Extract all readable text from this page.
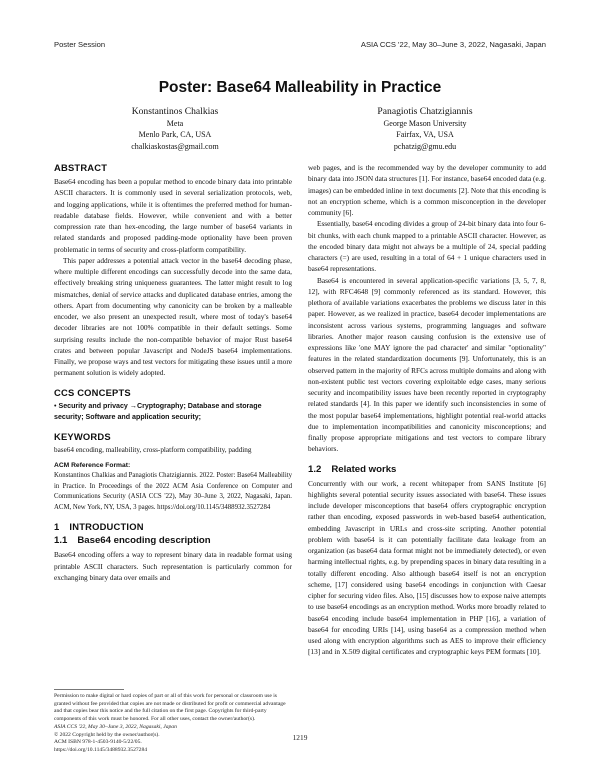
Poster Session	ASIA CCS '22, May 30–June 3, 2022, Nagasaki, Japan
Poster: Base64 Malleability in Practice
Konstantinos Chalkias
Meta
Menlo Park, CA, USA
chalkiaskostas@gmail.com
Panagiotis Chatzigiannis
George Mason University
Fairfax, VA, USA
pchatzig@gmu.edu
ABSTRACT

Base64 encoding has been a popular method to encode binary data into printable ASCII characters. It is commonly used in several serialization protocols, web, and logging applications, while it is oftentimes the preferred method for human-readable database fields. However, while convenient and with a better compression rate than hex-encoding, the large number of base64 variants in related standards and proposed padding-mode optionality have been proven problematic in terms of security and cross-platform compatibility.

This paper addresses a potential attack vector in the base64 decoding phase, where multiple different encodings can successfully decode into the same data, effectively breaking string uniqueness guarantees. The latter might result to log mismatches, denial of service attacks and duplicated database entries, among the others. Apart from documenting why canonicity can be broken by a malleable encoder, we also present an unexpected result, where most of today's base64 decoder libraries are not 100% compatible in their default settings. Some surprising results include the non-compatible behavior of major Rust base64 crates and between popular Javascript and NodeJS base64 implementations. Finally, we propose ways and test vectors for mitigating these issues until a more permanent solution is widely adopted.

CCS CONCEPTS

• Security and privacy →Cryptography; Database and storage security; Software and application security;

KEYWORDS

base64 encoding, malleability, cross-platform compatibility, padding

ACM Reference Format:

Konstantinos Chalkias and Panagiotis Chatzigiannis. 2022. Poster: Base64 Malleability in Practice. In Proceedings of the 2022 ACM Asia Conference on Computer and Communications Security (ASIA CCS '22), May 30–June 3, 2022, Nagasaki, Japan. ACM, New York, NY, USA, 3 pages. https://doi.org/10.1145/3488932.3527284

1 INTRODUCTION
1.1 Base64 encoding description

Base64 encoding offers a way to represent binary data in readable format using printable ASCII characters. Such representation is particularly common for exchanging binary data over emails and

Permission to make digital or hard copies of part or all of this work for personal or classroom use is granted without fee provided that copies are not made or distributed for profit or commercial advantage and that copies bear this notice and the full citation on the first page. Copyrights for third-party components of this work must be honored. For all other uses, contact the owner/author(s).

ASIA CCS '22, May 30–June 3, 2022, Nagasaki, Japan

© 2022 Copyright held by the owner/author(s).

ACM ISBN 978-1-4503-9140-5/22/05.

https://doi.org/10.1145/3488932.3527284

web pages, and is the recommended way by the developer community to add binary data into JSON data structures [1]. For instance, base64 encoded data (e.g. images) can be embedded inline in text documents [2]. Note that this encoding is not an encryption scheme, which is a common misconception in the developer community [6].

Essentially, base64 encoding divides a group of 24-bit binary data into four 6-bit chunks, with each chunk mapped to a printable ASCII character. However, as the encoded binary data might not always be a multiple of 24, special padding characters (=) are used, resulting in a total of 64 + 1 unique characters used in base64 representations.

Base64 is encountered in several application-specific variations [3, 5, 7, 8, 12], with RFC4648 [9] commonly referenced as its standard. However, this plethora of available variations exacerbates the problems we discuss later in this paper. However, as we realized in practice, base64 decoder implementations are inconsistent across various systems, programming languages and software libraries. Another major reason causing confusion is the extensive use of expressions like 'one MAY ignore the pad character' and similar "optionality" features in the related standardization documents [9]. Unfortunately, this is an observed pattern in the majority of RFCs across multiple domains and along with non-existent public test vectors covering exploitable edge cases, many serious security and incompatibility issues have been recently reported in cryptography related standards [4]. In this paper we identify such inconsistencies in some of the most popular base64 implementations, highlight potential real-world attacks due to implementation incompatibilities and canonicity misconceptions; and finally propose appropriate mitigations and test vectors to compare library behaviors.

1.2 Related works

Concurrently with our work, a recent whitepaper from SANS Institute [6] highlights several potential security issues associated with base64. These issues include developer misconceptions that base64 offers cryptographic encryption rather than encoding, exposed passwords in web-based base64 authentication, embedding Javascript in URLs and cross-site scripting. Another potential problem with base64 is it can potentially facilitate data leakage from an organization (as base64 data format might not be immediately detected), or even harming intellectual rights, e.g. by prepending spaces in binary data resulting in a totally different encoding. Also although base64 itself is not an encryption scheme, [17] considered using base64 encodings in conjunction with Caesar cipher for securing video files. Also, [15] discusses how to expose naive attempts to use base64 encodings as an encryption method. Works more broadly related to base64 encoding include base64 implementation in PHP [16], a variation of base64 for encoding URIs [14], using base64 as a compression method when used along with encryption algorithms such as AES to improve their efficiency [13] and in X.509 digital certificates and cryptographic keys PEM formats [10].

1219
